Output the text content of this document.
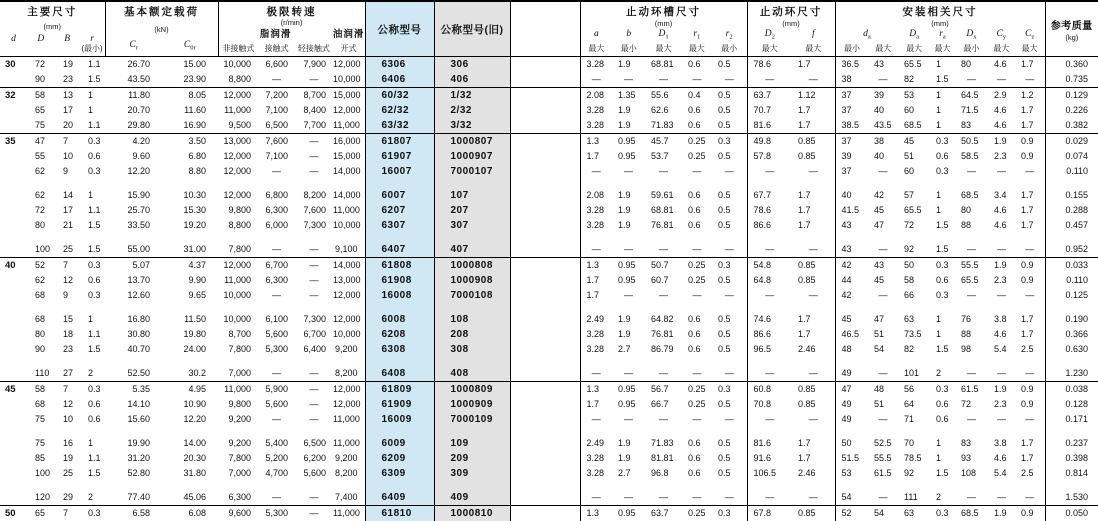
主要尺寸
(mm)
d	D	B	r
(最小)

基本额定载荷
(kN)
$C_r$	$C_{0r}$

极限转速
(r/min)
脂润滑	油润滑
非接触式	接触式	轻接触式	开式

公称型号	公称型号(旧)

止动环槽尺寸
(mm)
a	b	$D_1$	$r_1$	$r_2$
最大	最小	最大	最大	最小

止动环尺寸
(mm)
$D_2$	f
最大	最大

安装相关尺寸
(mm)
$d_a$	$D_a$	$r_a$	$D_x$	$C_y$	$C_z$
最小	最大	最大	最大	最小	最大	最大

参考质量
(kg)

30	72	19	1.1	26.70	15.00	10,000	6,600	7,900	12,000	6306	306		3.28	1.9	68.81	0.6	0.5	78.6	1.7	36.5	43	65.5	1	80	4.6	1.7	0.360
	90	23	1.5	43.50	23.90	8,800	—	—	10,000	6406	406		—	—	—	—	—	—	—	38	—	82	1.5	—	—	—	0.735
32	58	13	1	11.80	8.05	12,000	7,200	8,700	15,000	60/32	1/32		2.08	1.35	55.6	0.4	0.5	63.7	1.12	37	39	53	1	64.5	2.9	1.2	0.129
	65	17	1	20.70	11.60	11,000	7,100	8,400	12,000	62/32	2/32		3.28	1.9	62.6	0.6	0.5	70.7	1.7	37	40	60	1	71.5	4.6	1.7	0.226
	75	20	1.1	29.80	16.90	9,500	6,500	7,700	11,000	63/32	3/32		3.28	1.9	71.83	0.6	0.5	81.6	1.7	38.5	43.5	68.5	1	83	4.6	1.7	0.382
35	47	7	0.3	4.20	3.50	13,000	7,600	—	16,000	61807	1000807		1.3	0.95	45.7	0.25	0.3	49.8	0.85	37	38	45	0.3	50.5	1.9	0.9	0.029
	55	10	0.6	9.60	6.80	12,000	7,100	—	15,000	61907	1000907		1.7	0.95	53.7	0.25	0.5	57.8	0.85	39	40	51	0.6	58.5	2.3	0.9	0.074
	62	9	0.3	12.20	8.80	12,000	—	—	14,000	16007	7000107		—	—	—	—	—	—	—	37	—	60	0.3	—	—	—	0.110

	62	14	1	15.90	10.30	12,000	6,800	8,200	14,000	6007	107		2.08	1.9	59.61	0.6	0.5	67.7	1.7	40	42	57	1	68.5	3.4	1.7	0.155
	72	17	1.1	25.70	15.30	9,800	6,300	7,600	11,000	6207	207		3.28	1.9	68.81	0.6	0.5	78.6	1.7	41.5	45	65.5	1	80	4.6	1.7	0.288
	80	21	1.5	33.50	19.20	8,800	6,000	7,300	10,000	6307	307		3.28	1.9	76.81	0.6	0.5	86.6	1.7	43	47	72	1.5	88	4.6	1.7	0.457

	100	25	1.5	55.00	31.00	7,800	—	—	9,100	6407	407		—	—	—	—	—	—	—	43	—	92	1.5	—	—	—	0.952
40	52	7	0.3	5.07	4.37	12,000	6,700	—	14,000	61808	1000808		1.3	0.95	50.7	0.25	0.3	54.8	0.85	42	43	50	0.3	55.5	1.9	0.9	0.033
	62	12	0.6	13.70	9.90	11,000	6,300	—	13,000	61908	1000908		1.7	0.95	60.7	0.25	0.5	64.8	0.85	44	45	58	0.6	65.5	2.3	0.9	0.110
	68	9	0.3	12.60	9.65	10,000	—	—	12,000	16008	7000108		1.7	—	—	—	—	—	—	42	—	66	0.3	—	—	—	0.125

	68	15	1	16.80	11.50	10,000	6,100	7,300	12,000	6008	108		2.49	1.9	64.82	0.6	0.5	74.6	1.7	45	47	63	1	76	3.8	1.7	0.190
	80	18	1.1	30.80	19.80	8,700	5,600	6,700	10,000	6208	208		3.28	1.9	76.81	0.6	0.5	86.6	1.7	46.5	51	73.5	1	88	4.6	1.7	0.366
	90	23	1.5	40.70	24.00	7,800	5,300	6,400	9,200	6308	308		3.28	2.7	86.79	0.6	0.5	96.5	2.46	48	54	82	1.5	98	5.4	2.5	0.630

	110	27	2	52.50	30.2	7,000	—	—	8,200	6408	408		—	—	—	—	—	—	—	49	—	101	2	—	—	—	1.230
45	58	7	0.3	5.35	4.95	11,000	5,900	—	12,000	61809	1000809		1.3	0.95	56.7	0.25	0.3	60.8	0.85	47	48	56	0.3	61.5	1.9	0.9	0.038
	68	12	0.6	14.10	10.90	9,800	5,600	—	12,000	61909	1000909		1.7	0.95	66.7	0.25	0.5	70.8	0.85	49	51	64	0.6	72	2.3	0.9	0.128
	75	10	0.6	15.60	12.20	9,200	—	—	11,000	16009	7000109		—	—	—	—	—	—	—	49	—	71	0.6	—	—	—	0.171

	75	16	1	19.90	14.00	9,200	5,400	6,500	11,000	6009	109		2.49	1.9	71.83	0.6	0.5	81.6	1.7	50	52.5	70	1	83	3.8	1.7	0.237
	85	19	1.1	31.20	20.30	7,800	5,200	6,200	9,200	6209	209		3.28	1.9	81.81	0.6	0.5	91.6	1.7	51.5	55.5	78.5	1	93	4.6	1.7	0.398
	100	25	1.5	52.80	31.80	7,000	4,700	5,600	8,200	6309	309		3.28	2.7	96.8	0.6	0.5	106.5	2.46	53	61.5	92	1.5	108	5.4	2.5	0.814

	120	29	2	77.40	45.06	6,300	—	—	7,400	6409	409		—	—	—	—	—	—	—	54	—	111	2	—	—	—	1.530
50	65	7	0.3	6.58	6.08	9,600	5,300	—	11,000	61810	1000810		1.3	0.95	63.7	0.25	0.3	67.8	0.85	52	54	63	0.3	68.5	1.9	0.9	0.050
